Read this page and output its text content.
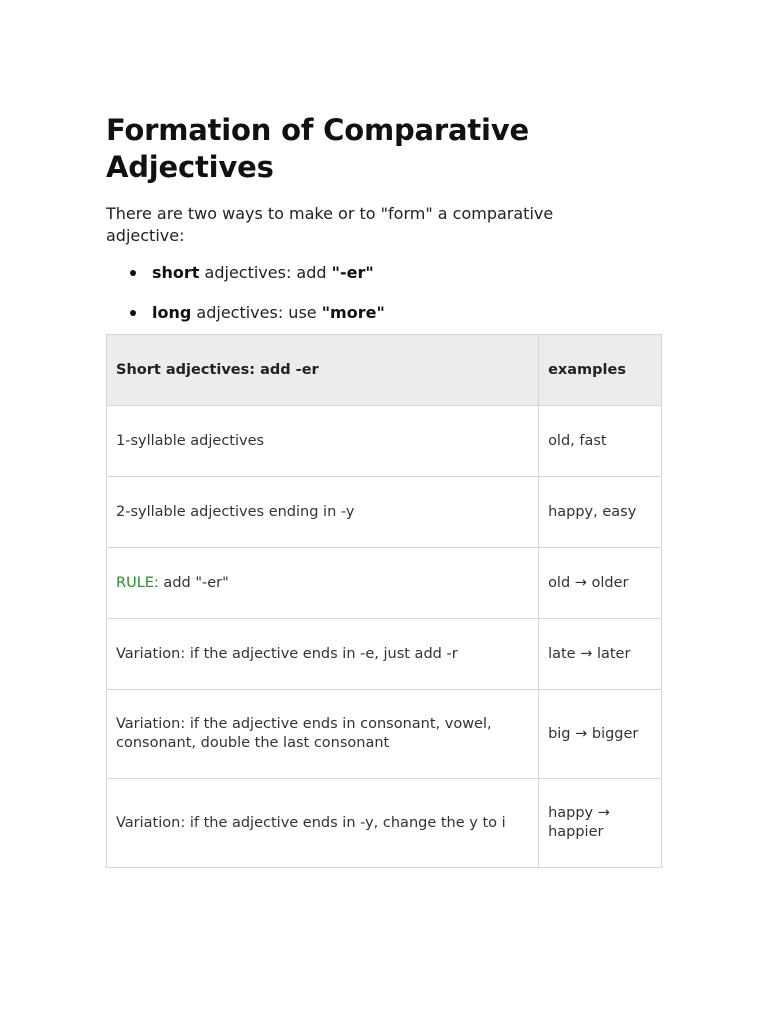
Formation of Comparative Adjectives

There are two ways to make or to "form" a comparative adjective:

short adjectives: add "-er"
long adjectives: use "more"
Short adjectives: add -er	examples
1-syllable adjectives	old, fast
2-syllable adjectives ending in -y	happy, easy
RULE: add "-er"	old → older
Variation: if the adjective ends in -e, just add -r	late → later
Variation: if the adjective ends in consonant, vowel, consonant, double the last consonant	big → bigger
Variation: if the adjective ends in -y, change the y to i	happy → happier
